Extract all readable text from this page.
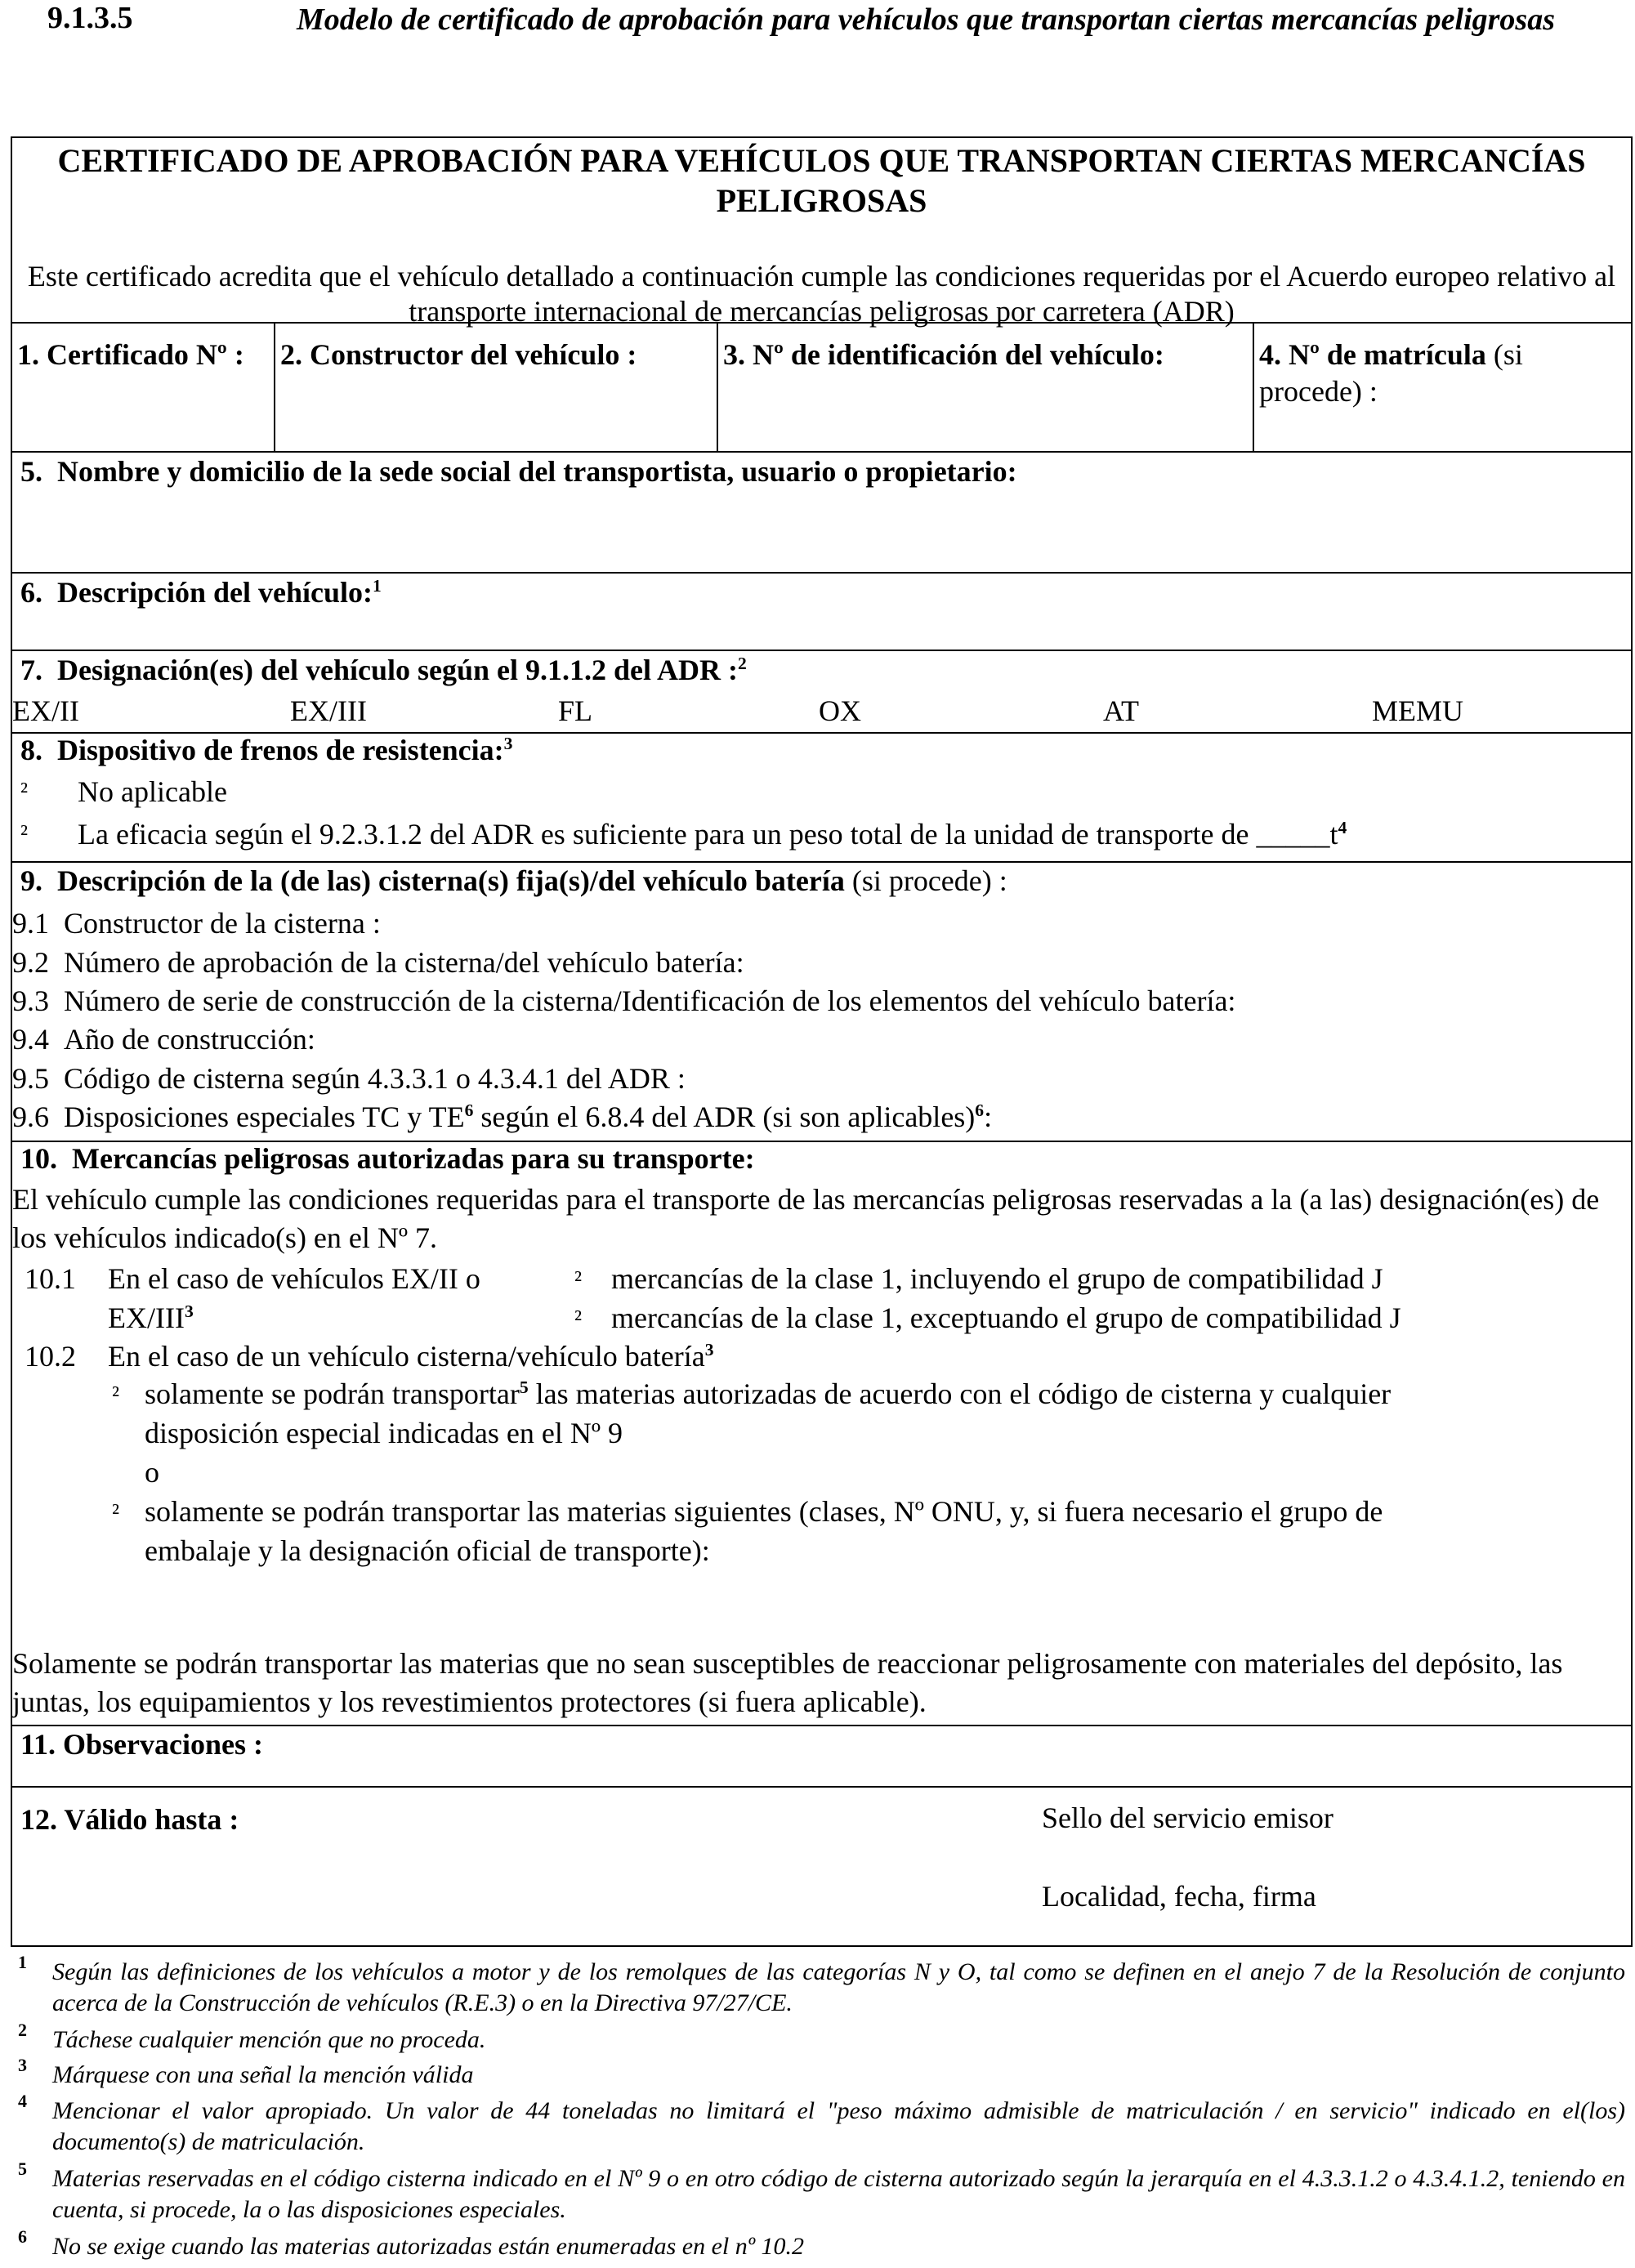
9.1.3.5	Modelo de certificado de aprobación para vehículos que transportan ciertas mercancías peligrosas
CERTIFICADO DE APROBACIÓN PARA VEHÍCULOS QUE TRANSPORTAN CIERTAS MERCANCÍAS PELIGROSAS
Este certificado acredita que el vehículo detallado a continuación cumple las condiciones requeridas por el Acuerdo europeo relativo al transporte internacional de mercancías peligrosas por carretera (ADR)
1. Certificado Nº :	2. Constructor del vehículo :	3. Nº de identificación del vehículo:	4. Nº de matrícula (si procede) :
5. Nombre y domicilio de la sede social del transportista, usuario o propietario:
6. Descripción del vehículo:$^1$
7. Designación(es) del vehículo según el 9.1.1.2 del ADR :$^2$
EX/II	EX/III	FL	OX	AT	MEMU
8. Dispositivo de frenos de resistencia:$^3$
² No aplicable
² La eficacia según el 9.2.3.1.2 del ADR es suficiente para un peso total de la unidad de transporte de $\_\_\_\_\_t^4$
9. Descripción de la (de las) cisterna(s) fija(s)/del vehículo batería (si procede) :
9.1 Constructor de la cisterna :
9.2 Número de aprobación de la cisterna/del vehículo batería:
9.3 Número de serie de construcción de la cisterna/Identificación de los elementos del vehículo batería:
9.4 Año de construcción:
9.5 Código de cisterna según 4.3.3.1 o 4.3.4.1 del ADR :
9.6 Disposiciones especiales TC y $TE^6$ según el 6.8.4 del ADR (si son aplicables)$^6$:
10. Mercancías peligrosas autorizadas para su transporte:
El vehículo cumple las condiciones requeridas para el transporte de las mercancías peligrosas reservadas a la (a las) designación(es) de los vehículos indicado(s) en el Nº 7.
10.1 En el caso de vehículos EX/II o
EX/III$^3$
² mercancías de la clase 1, incluyendo el grupo de compatibilidad J
² mercancías de la clase 1, exceptuando el grupo de compatibilidad J
10.2 En el caso de un vehículo cisterna/vehículo batería$^3$
² solamente se podrán transportar$^5$ las materias autorizadas de acuerdo con el código de cisterna y cualquier
disposición especial indicadas en el Nº 9
o
² solamente se podrán transportar las materias siguientes (clases, Nº ONU, y, si fuera necesario el grupo de
embalaje y la designación oficial de transporte):
Solamente se podrán transportar las materias que no sean susceptibles de reaccionar peligrosamente con materiales del depósito, las juntas, los equipamientos y los revestimientos protectores (si fuera aplicable).
11. Observaciones :
12. Válido hasta :	Sello del servicio emisor
Localidad, fecha, firma
1 Según las definiciones de los vehículos a motor y de los remolques de las categorías N y O, tal como se definen en el anejo 7 de la Resolución de conjunto acerca de la Construcción de vehículos (R.E.3) o en la Directiva 97/27/CE.
2 Táchese cualquier mención que no proceda.
3 Márquese con una señal la mención válida
4 Mencionar el valor apropiado. Un valor de 44 toneladas no limitará el "peso máximo admisible de matriculación / en servicio" indicado en el(los) documento(s) de matriculación.
5 Materias reservadas en el código cisterna indicado en el Nº 9 o en otro código de cisterna autorizado según la jerarquía en el 4.3.3.1.2 o 4.3.4.1.2, teniendo en cuenta, si procede, la o las disposiciones especiales.
6 No se exige cuando las materias autorizadas están enumeradas en el nº 10.2
